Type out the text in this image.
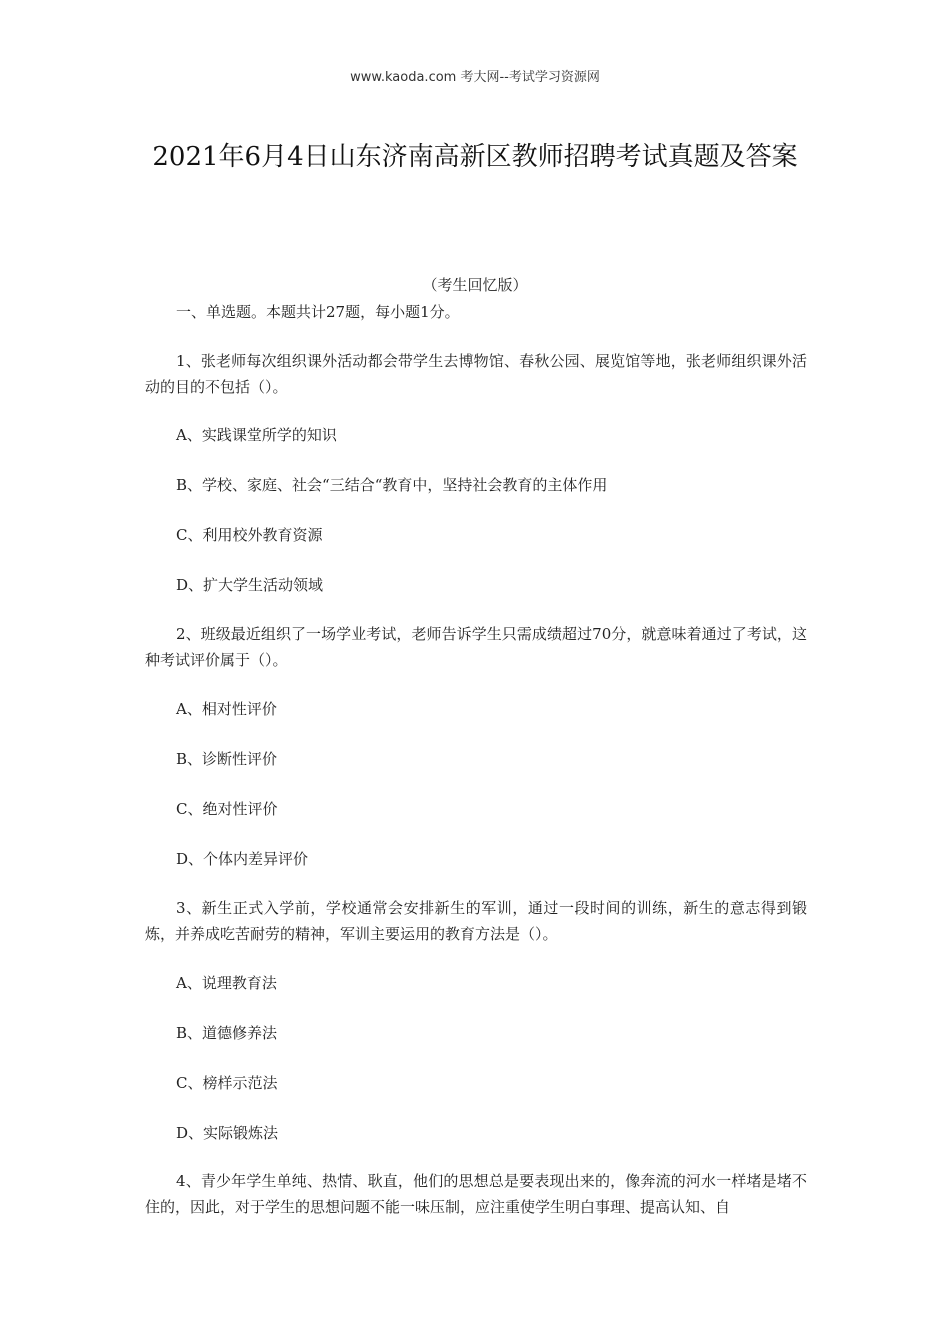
www.kaoda.com 考大网--考试学习资源网
2021年6月4日山东济南高新区教师招聘考试真题及答案
（考生回忆版）
一、单选题。本题共计27题，每小题1分。
1、张老师每次组织课外活动都会带学生去博物馆、春秋公园、展览馆等地，张老师组织课外活动的目的不包括（）。
A、实践课堂所学的知识
B、学校、家庭、社会“三结合“教育中，坚持社会教育的主体作用
C、利用校外教育资源
D、扩大学生活动领域
2、班级最近组织了一场学业考试，老师告诉学生只需成绩超过70分，就意味着通过了考试，这种考试评价属于（）。
A、相对性评价
B、诊断性评价
C、绝对性评价
D、个体内差异评价
3、新生正式入学前，学校通常会安排新生的军训，通过一段时间的训练，新生的意志得到锻炼，并养成吃苦耐劳的精神，军训主要运用的教育方法是（）。
A、说理教育法
B、道德修养法
C、榜样示范法
D、实际锻炼法
4、青少年学生单纯、热情、耿直，他们的思想总是要表现出来的，像奔流的河水一样堵是堵不住的，因此，对于学生的思想问题不能一味压制，应注重使学生明白事理、提高认知、自
